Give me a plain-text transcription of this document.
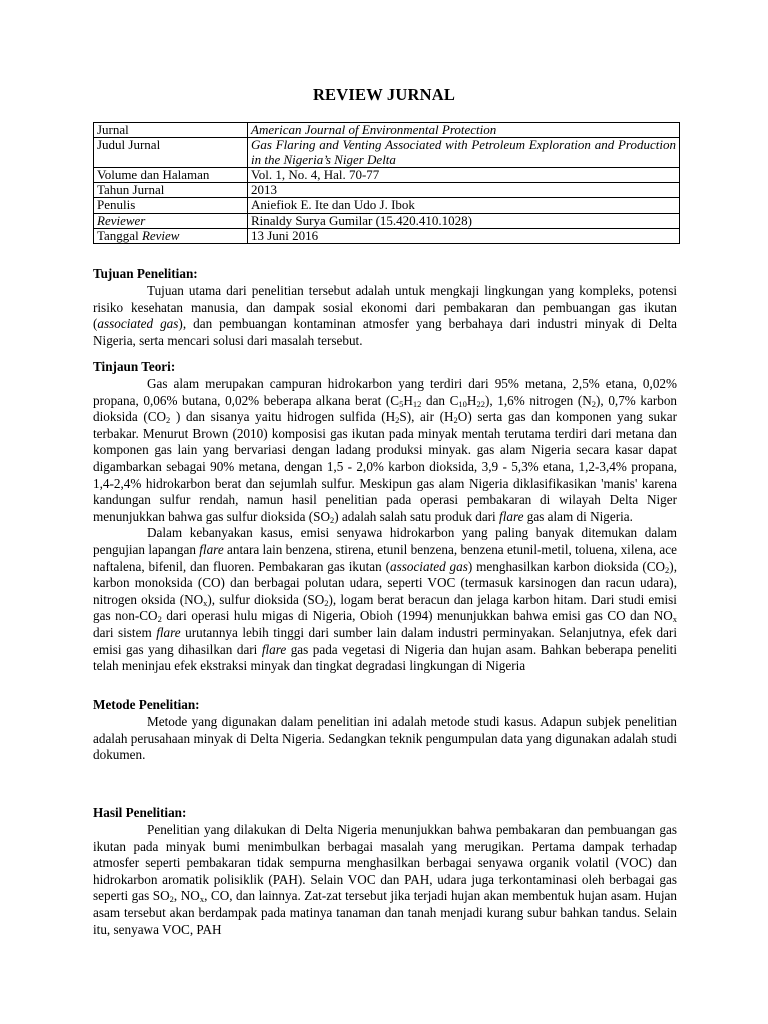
REVIEW JURNAL
Jurnal	American Journal of Environmental Protection
Judul Jurnal	Gas Flaring and Venting Associated with Petroleum Exploration and Production in the Nigeria’s Niger Delta
Volume dan Halaman	Vol. 1, No. 4, Hal. 70-77
Tahun Jurnal	2013
Penulis	Aniefiok E. Ite dan Udo J. Ibok
Reviewer	Rinaldy Surya Gumilar (15.420.410.1028)
Tanggal Review	13 Juni 2016
Tujuan Penelitian:

Tujuan utama dari penelitian tersebut adalah untuk mengkaji lingkungan yang kompleks, potensi risiko kesehatan manusia, dan dampak sosial ekonomi dari pembakaran dan pembuangan gas ikutan (associated gas), dan pembuangan kontaminan atmosfer yang berbahaya dari industri minyak di Delta Nigeria, serta mencari solusi dari masalah tersebut.

Tinjaun Teori:

Gas alam merupakan campuran hidrokarbon yang terdiri dari 95% metana, 2,5% etana, 0,02% propana, 0,06% butana, 0,02% beberapa alkana berat ($C_5H_{12}$ dan $C_{10}H_{22}$), 1,6% nitrogen $(N_2)$, 0,7% karbon dioksida ($CO_2$ ) dan sisanya yaitu hidrogen sulfida $(H_2S)$, air $(H_2O)$ serta gas dan komponen yang sukar terbakar. Menurut Brown (2010) komposisi gas ikutan pada minyak mentah terutama terdiri dari metana dan komponen gas lain yang bervariasi dengan ladang produksi minyak. gas alam Nigeria secara kasar dapat digambarkan sebagai 90% metana, dengan 1,5 - 2,0% karbon dioksida, 3,9 - 5,3% etana, 1,2-3,4% propana, 1,4-2,4% hidrokarbon berat dan sejumlah sulfur. Meskipun gas alam Nigeria diklasifikasikan 'manis' karena kandungan sulfur rendah, namun hasil penelitian pada operasi pembakaran di wilayah Delta Niger menunjukkan bahwa gas sulfur dioksida $(SO_2)$ adalah salah satu produk dari flare gas alam di Nigeria.

Dalam kebanyakan kasus, emisi senyawa hidrokarbon yang paling banyak ditemukan dalam pengujian lapangan flare antara lain benzena, stirena, etunil benzena, benzena etunil-metil, toluena, xilena, ace naftalena, bifenil, dan fluoren. Pembakaran gas ikutan (associated gas) menghasilkan karbon dioksida $(CO_2)$, karbon monoksida (CO) dan berbagai polutan udara, seperti VOC (termasuk karsinogen dan racun udara), nitrogen oksida $(NO_x)$, sulfur dioksida $(SO_2)$, logam berat beracun dan jelaga karbon hitam. Dari studi emisi gas non-$CO_2$ dari operasi hulu migas di Nigeria, Obioh (1994) menunjukkan bahwa emisi gas CO dan $NO_x$ dari sistem flare urutannya lebih tinggi dari sumber lain dalam industri perminyakan. Selanjutnya, efek dari emisi gas yang dihasilkan dari flare gas pada vegetasi di Nigeria dan hujan asam. Bahkan beberapa peneliti telah meninjau efek ekstraksi minyak dan tingkat degradasi lingkungan di Nigeria

Metode Penelitian:

Metode yang digunakan dalam penelitian ini adalah metode studi kasus. Adapun subjek penelitian adalah perusahaan minyak di Delta Nigeria. Sedangkan teknik pengumpulan data yang digunakan adalah studi dokumen.

Hasil Penelitian:

Penelitian yang dilakukan di Delta Nigeria menunjukkan bahwa pembakaran dan pembuangan gas ikutan pada minyak bumi menimbulkan berbagai masalah yang merugikan. Pertama dampak terhadap atmosfer seperti pembakaran tidak sempurna menghasilkan berbagai senyawa organik volatil (VOC) dan hidrokarbon aromatik polisiklik (PAH). Selain VOC dan PAH, udara juga terkontaminasi oleh berbagai gas seperti gas $SO_2$, $NO_x$, CO, dan lainnya. Zat-zat tersebut jika terjadi hujan akan membentuk hujan asam. Hujan asam tersebut akan berdampak pada matinya tanaman dan tanah menjadi kurang subur bahkan tandus. Selain itu, senyawa VOC, PAH
